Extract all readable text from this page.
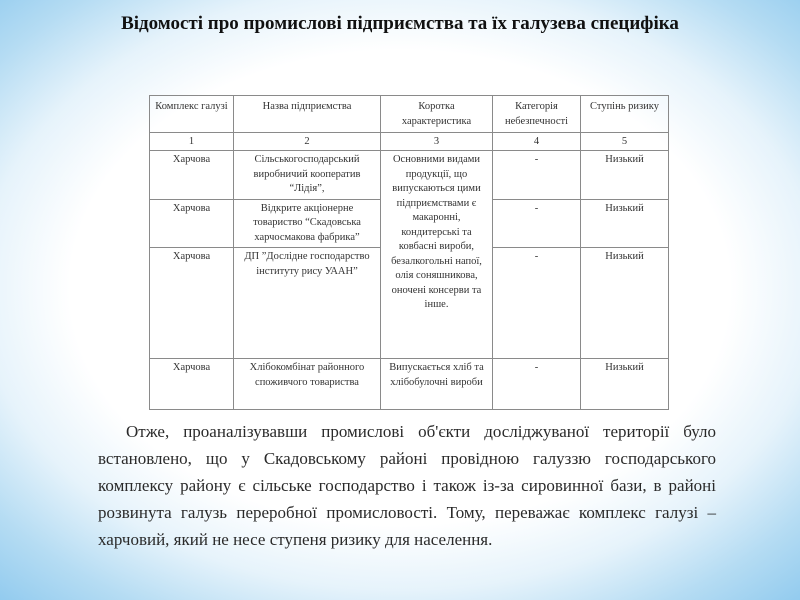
Відомості про промислові підприємства та їх галузева специфіка
Комплекс галузі	Назва підприємства	Коротка характеристика	Категорія небезпечності	Ступінь ризику
1	2	3	4	5
Харчова	Сільськогосподарський виробничий кооператив “Лідія”,	Основними видами продукції, що випускаються цими підприємствами є макаронні, кондитерські та ковбасні вироби, безалкогольні напої, олія соняшникова, оночені консерви та інше.	-	Низький
Харчова	Відкрите акціонерне товариство “Скадовська харчосмакова фабрика”		-	Низький
Харчова	ДП ”Дослідне господарство інституту рису УААН”		-	Низький
Харчова	Хлібокомбінат районного споживчого товариства	Випускається хліб та хлібобулочні вироби	-	Низький

Отже, проаналізувавши промислові об'єкти досліджуваної території було встановлено, що у Скадовському районі провідною галуззю господарського комплексу району є сільське господарство і також із-за сировинної бази, в районі розвинута галузь переробної промисловості. Тому, переважає комплекс галузі – харчовий, який не несе ступеня ризику для населення.
